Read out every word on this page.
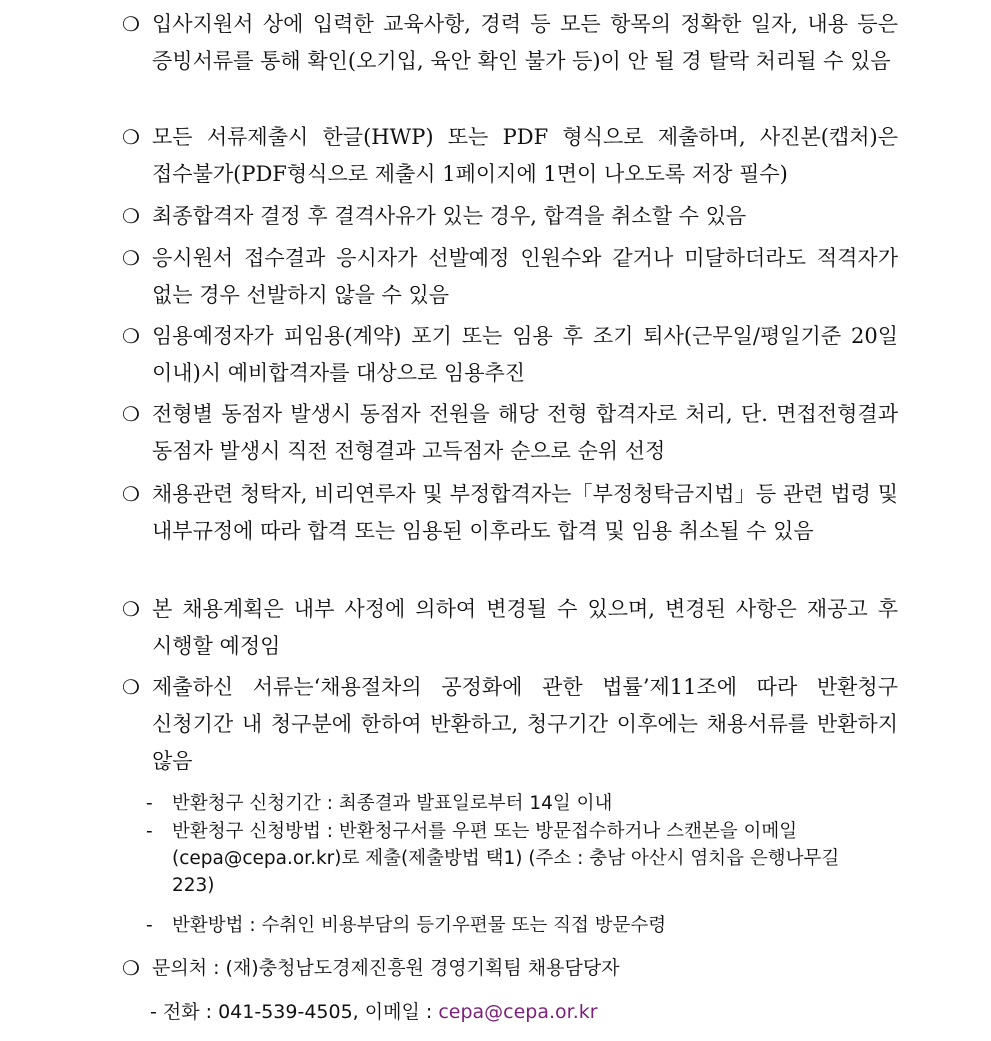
❍ 입사지원서 상에 입력한 교육사항, 경력 등 모든 항목의 정확한 일자, 내용 등은 증빙서류를 통해 확인(오기입, 육안 확인 불가 등)이 안 될 경 탈락 처리될 수 있음
❍ 모든 서류제출시 한글(HWP) 또는 PDF 형식으로 제출하며, 사진본(캡처)은 접수불가(PDF형식으로 제출시 1페이지에 1면이 나오도록 저장 필수)
❍ 최종합격자 결정 후 결격사유가 있는 경우, 합격을 취소할 수 있음
❍ 응시원서 접수결과 응시자가 선발예정 인원수와 같거나 미달하더라도 적격자가 없는 경우 선발하지 않을 수 있음
❍ 임용예정자가 피임용(계약) 포기 또는 임용 후 조기 퇴사(근무일/평일기준 20일 이내)시 예비합격자를 대상으로 임용추진
❍ 전형별 동점자 발생시 동점자 전원을 해당 전형 합격자로 처리, 단. 면접전형결과 동점자 발생시 직전 전형결과 고득점자 순으로 순위 선정
❍ 채용관련 청탁자, 비리연루자 및 부정합격자는「부정청탁금지법」등 관련 법령 및 내부규정에 따라 합격 또는 임용된 이후라도 합격 및 임용 취소될 수 있음
❍ 본 채용계획은 내부 사정에 의하여 변경될 수 있으며, 변경된 사항은 재공고 후 시행할 예정임
❍ 제출하신 서류는‘채용절차의 공정화에 관한 법률’제11조에 따라 반환청구 신청기간 내 청구분에 한하여 반환하고, 청구기간 이후에는 채용서류를 반환하지 않음
- 반환청구 신청기간 : 최종결과 발표일로부터 14일 이내
- 반환청구 신청방법 : 반환청구서를 우편 또는 방문접수하거나 스캔본을 이메일(cepa@cepa.or.kr)로 제출(제출방법 택1) (주소 : 충남 아산시 염치읍 은행나무길 223)
- 반환방법 : 수취인 비용부담의 등기우편물 또는 직접 방문수령
❍ 문의처 : (재)충청남도경제진흥원 경영기획팀 채용담당자
- 전화 : 041-539-4505, 이메일 : cepa@cepa.or.kr
